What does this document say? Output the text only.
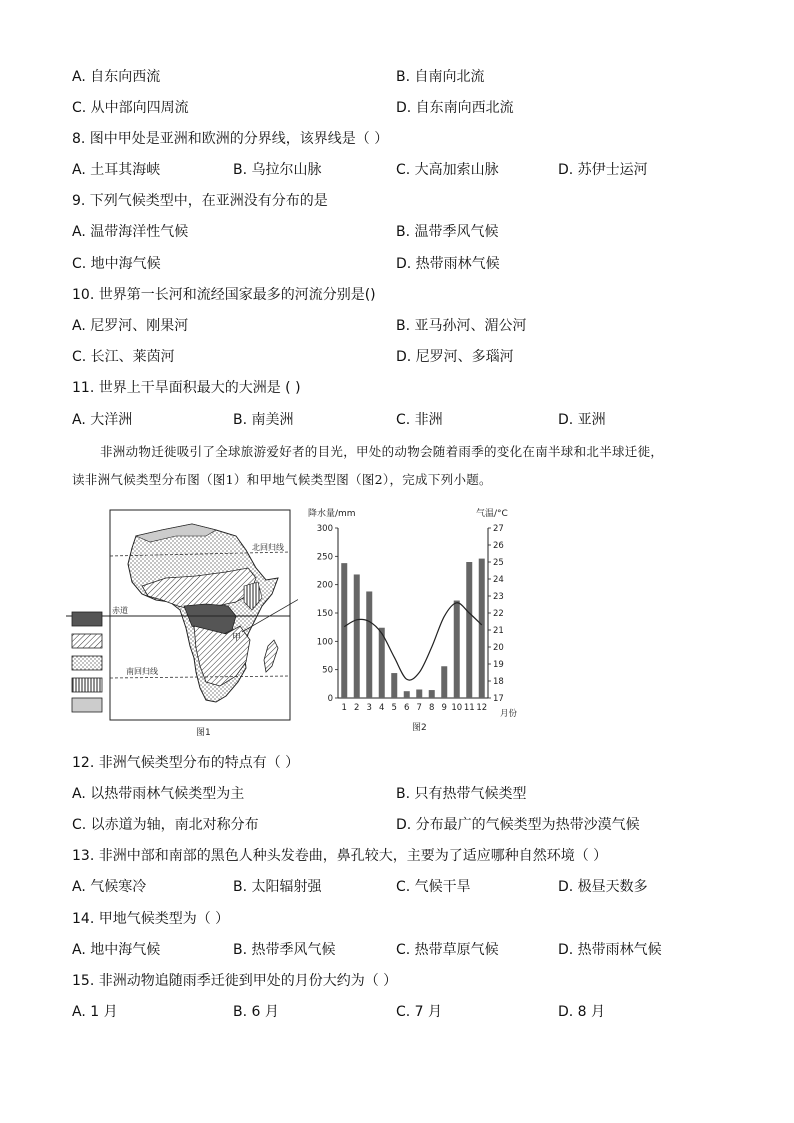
A. 自东向西流	B. 自南向北流
C. 从中部向四周流	D. 自东南向西北流
8. 图中甲处是亚洲和欧洲的分界线，该界线是（ ）
A. 土耳其海峡	B. 乌拉尔山脉	C. 大高加索山脉	D. 苏伊士运河
9. 下列气候类型中，在亚洲没有分布的是
A. 温带海洋性气候	B. 温带季风气候
C. 地中海气候	D. 热带雨林气候
10. 世界第一长河和流经国家最多的河流分别是()
A. 尼罗河、刚果河	B. 亚马孙河、湄公河
C. 长江、莱茵河	D. 尼罗河、多瑙河
11. 世界上干旱面积最大的大洲是 ( )
A. 大洋洲	B. 南美洲	C. 非洲	D. 亚洲

非洲动物迁徙吸引了全球旅游爱好者的目光，甲处的动物会随着雨季的变化在南半球和北半球迁徙，

读非洲气候类型分布图（图1）和甲地气候类型图（图2），完成下列小题。

北回归线
赤道
南回归线
甲
图1
降水量/mm	气温/°C
图2
月份
0
50
100
150
200
250
300
17
18
19
20
21
22
23
24
25
26
27
1 2 3 4 5 6 7 8 9 10 11 12
12. 非洲气候类型分布的特点有（ ）
A. 以热带雨林气候类型为主	B. 只有热带气候类型
C. 以赤道为轴，南北对称分布	D. 分布最广的气候类型为热带沙漠气候
13. 非洲中部和南部的黑色人种头发卷曲，鼻孔较大，主要为了适应哪种自然环境（ ）
A. 气候寒冷	B. 太阳辐射强	C. 气候干旱	D. 极昼天数多
14. 甲地气候类型为（ ）
A. 地中海气候	B. 热带季风气候	C. 热带草原气候	D. 热带雨林气候
15. 非洲动物追随雨季迁徙到甲处的月份大约为（ ）
A. 1 月	B. 6 月	C. 7 月	D. 8 月
